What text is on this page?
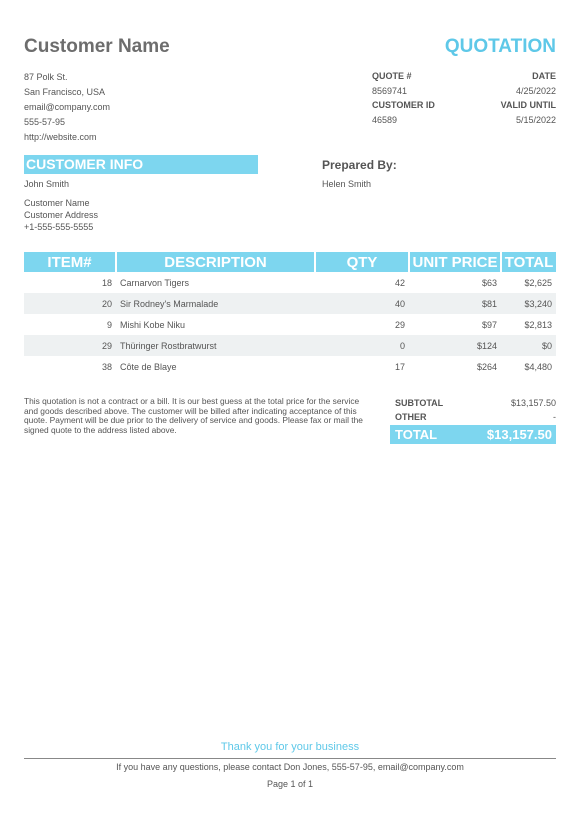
Customer Name	QUOTATION
87 Polk St.
San Francisco, USA
email@company.com
555-57-95
http://website.com
QUOTE #	DATE
8569741	4/25/2022
CUSTOMER ID	VALID UNTIL
46589	5/15/2022
CUSTOMER INFO
John Smith
Customer Name
Customer Address
+1-555-555-5555
Prepared By:
Helen Smith
ITEM#	DESCRIPTION	QTY	UNIT PRICE	TOTAL
18	Carnarvon Tigers	42	$63	$2,625
20	Sir Rodney's Marmalade	40	$81	$3,240
9	Mishi Kobe Niku	29	$97	$2,813
29	Thüringer Rostbratwurst	0	$124	$0
38	Côte de Blaye	17	$264	$4,480
This quotation is not a contract or a bill. It is our best guess at the total price for the service and goods described above. The customer will be billed after indicating acceptance of this quote. Payment will be due prior to the delivery of service and goods. Please fax or mail the signed quote to the address listed above.
SUBTOTAL	$13,157.50
OTHER	-
TOTAL	$13,157.50
Thank you for your business
If you have any questions, please contact Don Jones, 555-57-95, email@company.com
Page 1 of 1
